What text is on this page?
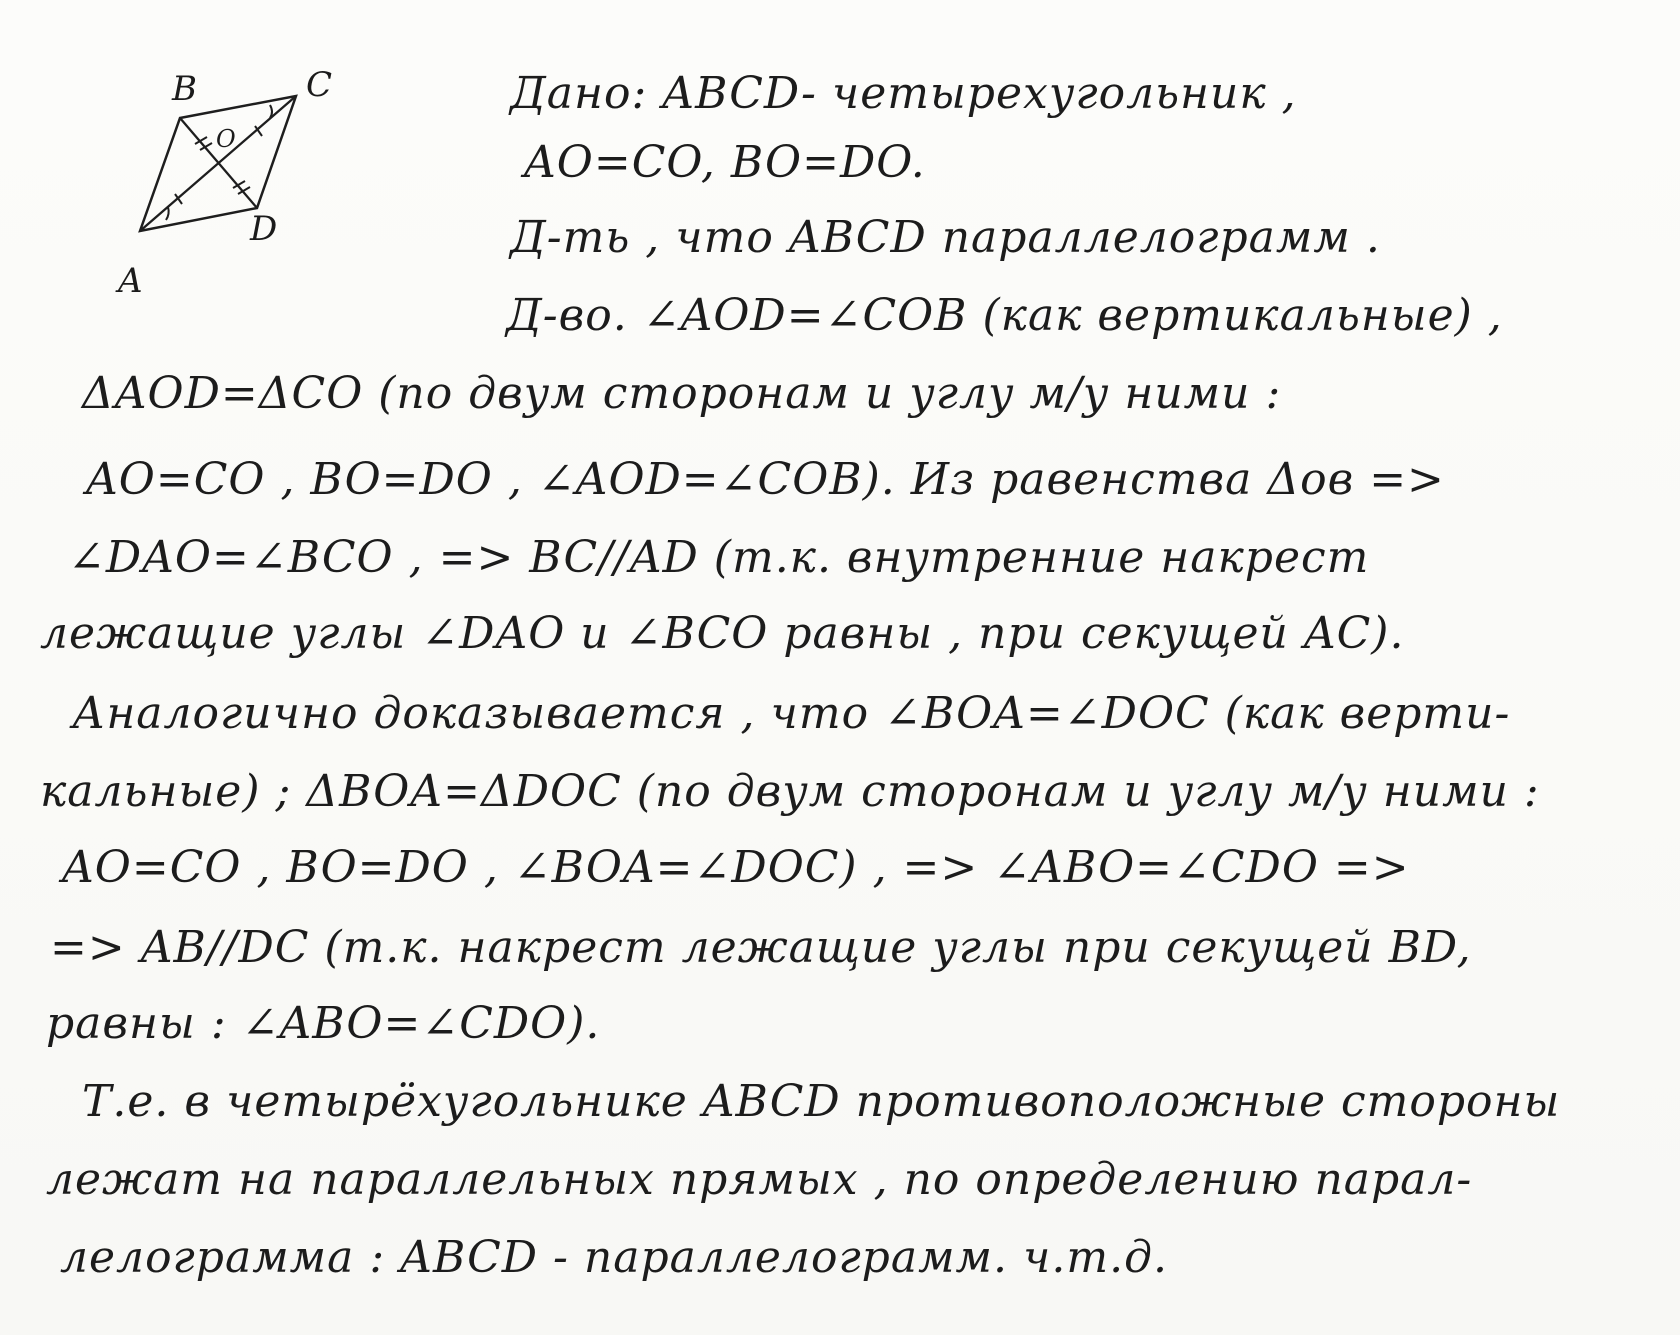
B	C
A
D
O
Дано: ABCD- четырехугольник ,
AO=CO, BO=DO.
Д-ть , что ABCD параллелограмм .
Д-во. ∠AOD=∠COB (как вертикальные) ,
ΔAOD=ΔCO (по двум сторонам и углу м/у ними :
AO=CO , BO=DO , ∠AOD=∠COB). Из равенства Δов =>
∠DAO=∠BCO , => BC//AD (т.к. внутренние накрест
лежащие углы ∠DAO и ∠BCO равны , при секущей AC).
Аналогично доказывается , что ∠BOA=∠DOC (как верти-
кальные) ; ΔBOA=ΔDOC (по двум сторонам и углу м/у ними :
AO=CO , BO=DO , ∠BOA=∠DOC) , => ∠ABO=∠CDO =>
=> AB//DC (т.к. накрест лежащие углы при секущей BD,
равны : ∠ABO=∠CDO).
Т.е. в четырёхугольнике ABCD противоположные стороны
лежат на параллельных прямых , по определению парал-
лелограмма : ABCD - параллелограмм. ч.т.д.
